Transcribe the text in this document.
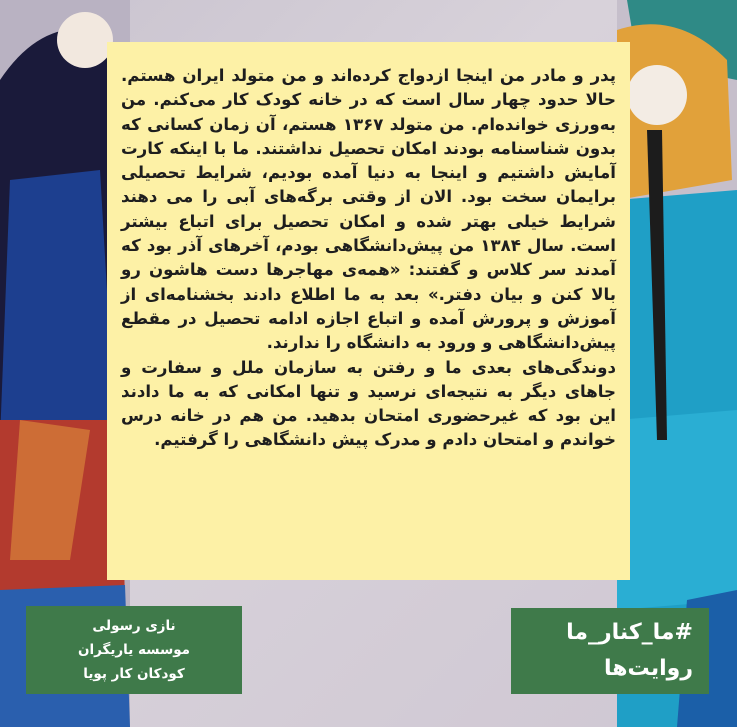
پدر و مادر من اینجا ازدواج کرده‌اند و من متولد ایران هستم. حالا حدود چهار سال است که در خانه کودک کار می‌کنم. من به‌ورزی خوانده‌ام. من متولد ۱۳۶۷ هستم، آن زمان کسانی که بدون شناسنامه بودند امکان تحصیل نداشتند. ما با اینکه کارت آمایش داشتیم و اینجا به دنیا آمده بودیم، شرایط تحصیلی برایمان سخت بود. الان از وقتی برگه‌های آبی را می دهند شرایط خیلی بهتر شده و امکان تحصیل برای اتباع بیشتر است. سال ۱۳۸۴ من پیش‌دانشگاهی بودم، آخرهای آذر بود که آمدند سر کلاس و گفتند: «همه‌ی مهاجرها دست هاشون رو بالا کنن و بیان دفتر.» بعد به ما اطلاع دادند بخشنامه‌ای از آموزش و پرورش آمده و اتباع اجازه ادامه تحصیل در مقطع پیش‌دانشگاهی و ورود به دانشگاه را ندارند.

دوندگی‌های بعدی ما و رفتن به سازمان ملل و سفارت و جاهای دیگر به نتیجه‌ای نرسید و تنها امکانی که به ما دادند این بود که غیرحضوری امتحان بدهید. من هم در خانه درس خواندم و امتحان دادم و مدرک پیش دانشگاهی را گرفتیم.

نازی رسولی
موسسه یاریگران
کودکان کار پویا
#ما_کنار_ما
روایت‌ها
